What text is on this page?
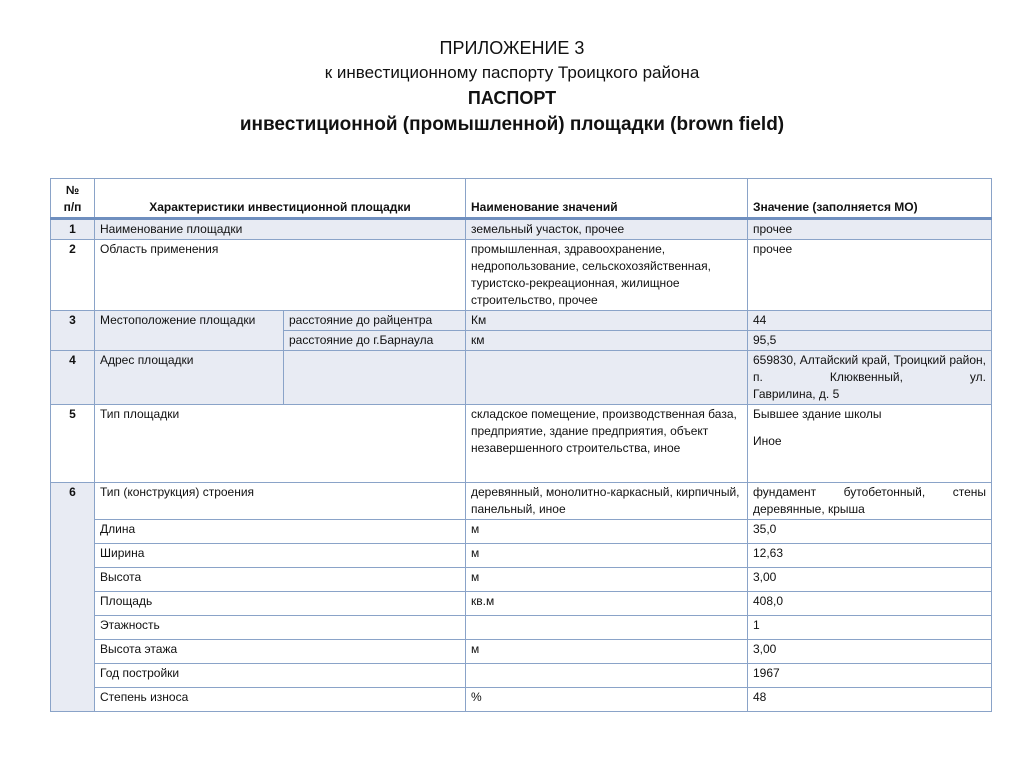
ПРИЛОЖЕНИЕ 3
к инвестиционному паспорту Троицкого района
ПАСПОРТ
инвестиционной (промышленной) площадки (brown field)
№
п/п	Характеристики инвестиционной площадки		Наименование значений	Значение (заполняется МО)
1	Наименование площадки		земельный участок, прочее	прочее
2	Область применения		промышленная, здравоохранение, недропользование, сельскохозяйственная, туристско-рекреационная, жилищное строительство, прочее	прочее
3	Местоположение площадки	расстояние до райцентра	Км	44
		расстояние до г.Барнаула	км	95,5
4	Адрес площадки			659830, Алтайский край, Троицкий район, п. Клюквенный, ул.
Гаврилина, д. 5

5	Тип площадки		складское помещение, производственная база, предприятие, здание предприятия, объект незавершенного строительства, иное	Бывшее здание школы
Иное

6	Тип (конструкция) строения		деревянный, монолитно-каркасный, кирпичный, панельный, иное	фундамент бутобетонный, стены
деревянные, крыша

	Длина		м	35,0
	Ширина		м	12,63
	Высота		м	3,00
	Площадь		кв.м	408,0
	Этажность			1
	Высота этажа		м	3,00
	Год постройки			1967
	Степень износа		%	48
